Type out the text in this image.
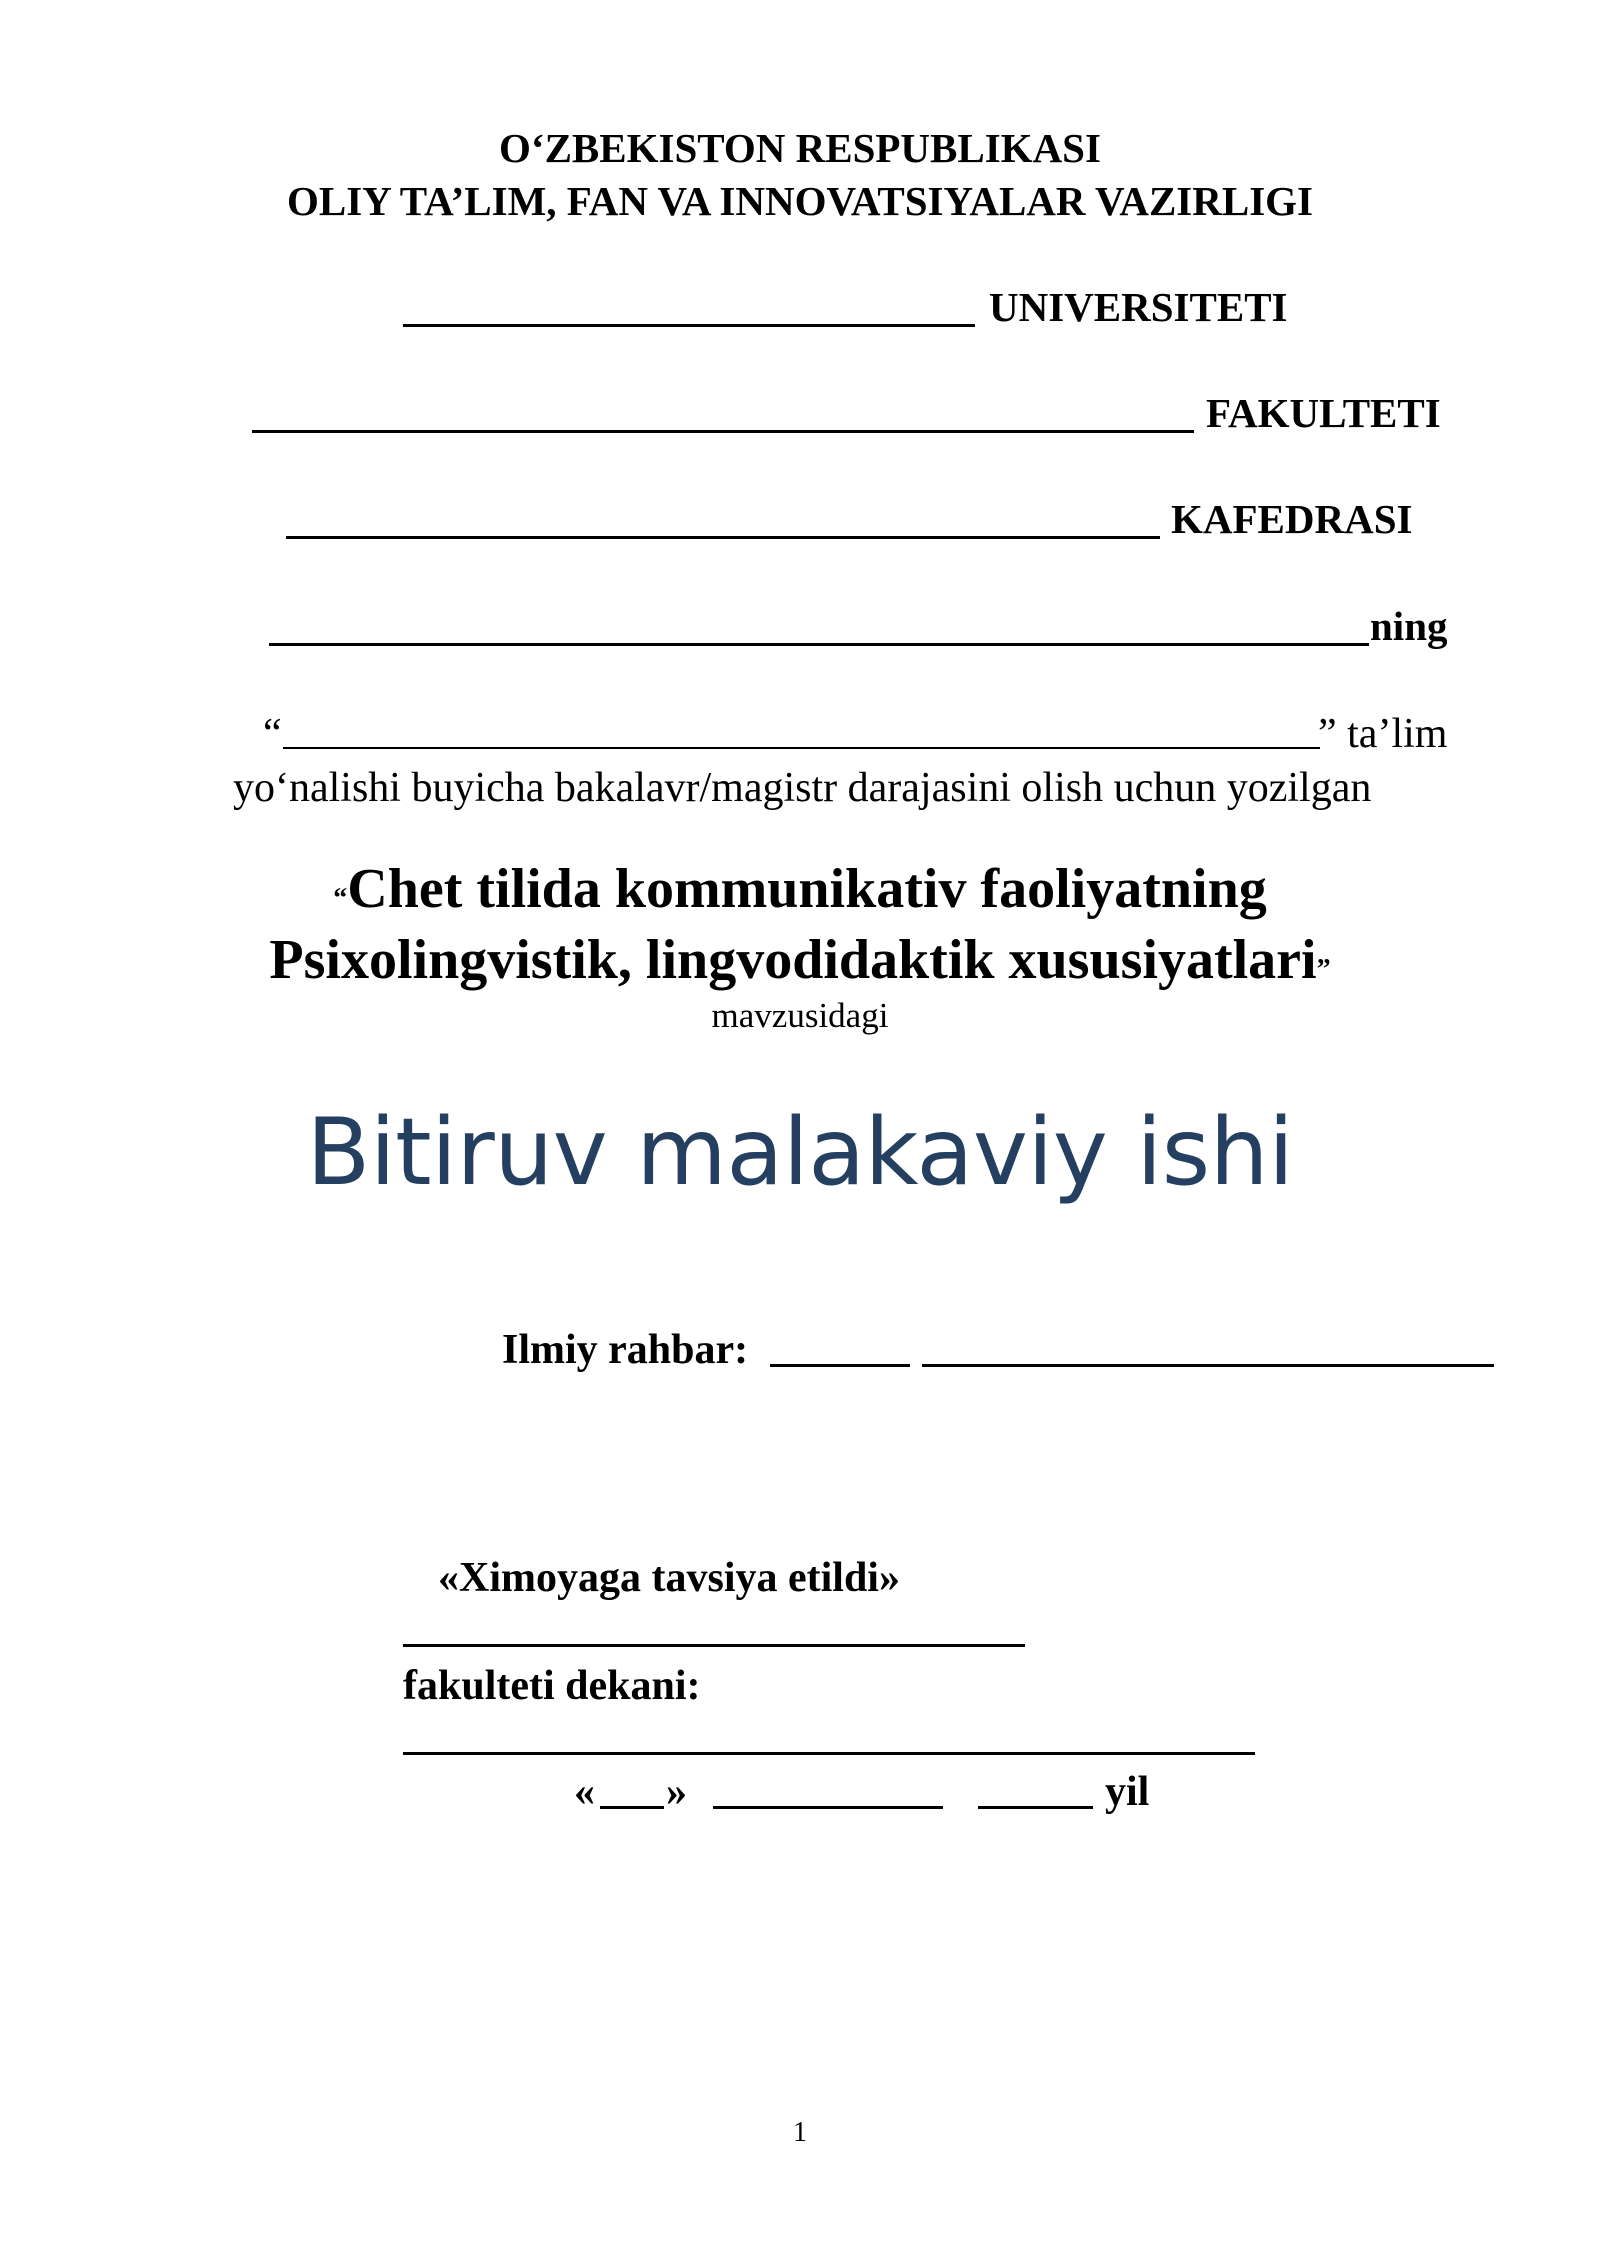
O‘ZBEKISTON RESPUBLIKASI
OLIY TA’LIM, FAN VA INNOVATSIYALAR VAZIRLIGI
UNIVERSITETI
FAKULTETI
KAFEDRASI
ning
“	” ta’lim
yo‘nalishi buyicha bakalavr/magistr darajasini olish uchun yozilgan
“Chet tilida kommunikativ faoliyatning
Psixolingvistik, lingvodidaktik xususiyatlari”
mavzusidagi
Bitiruv malakaviy ishi
Ilmiy rahbar:
«Ximoyaga tavsiya etildi»
fakulteti dekani:
« »	yil
1
